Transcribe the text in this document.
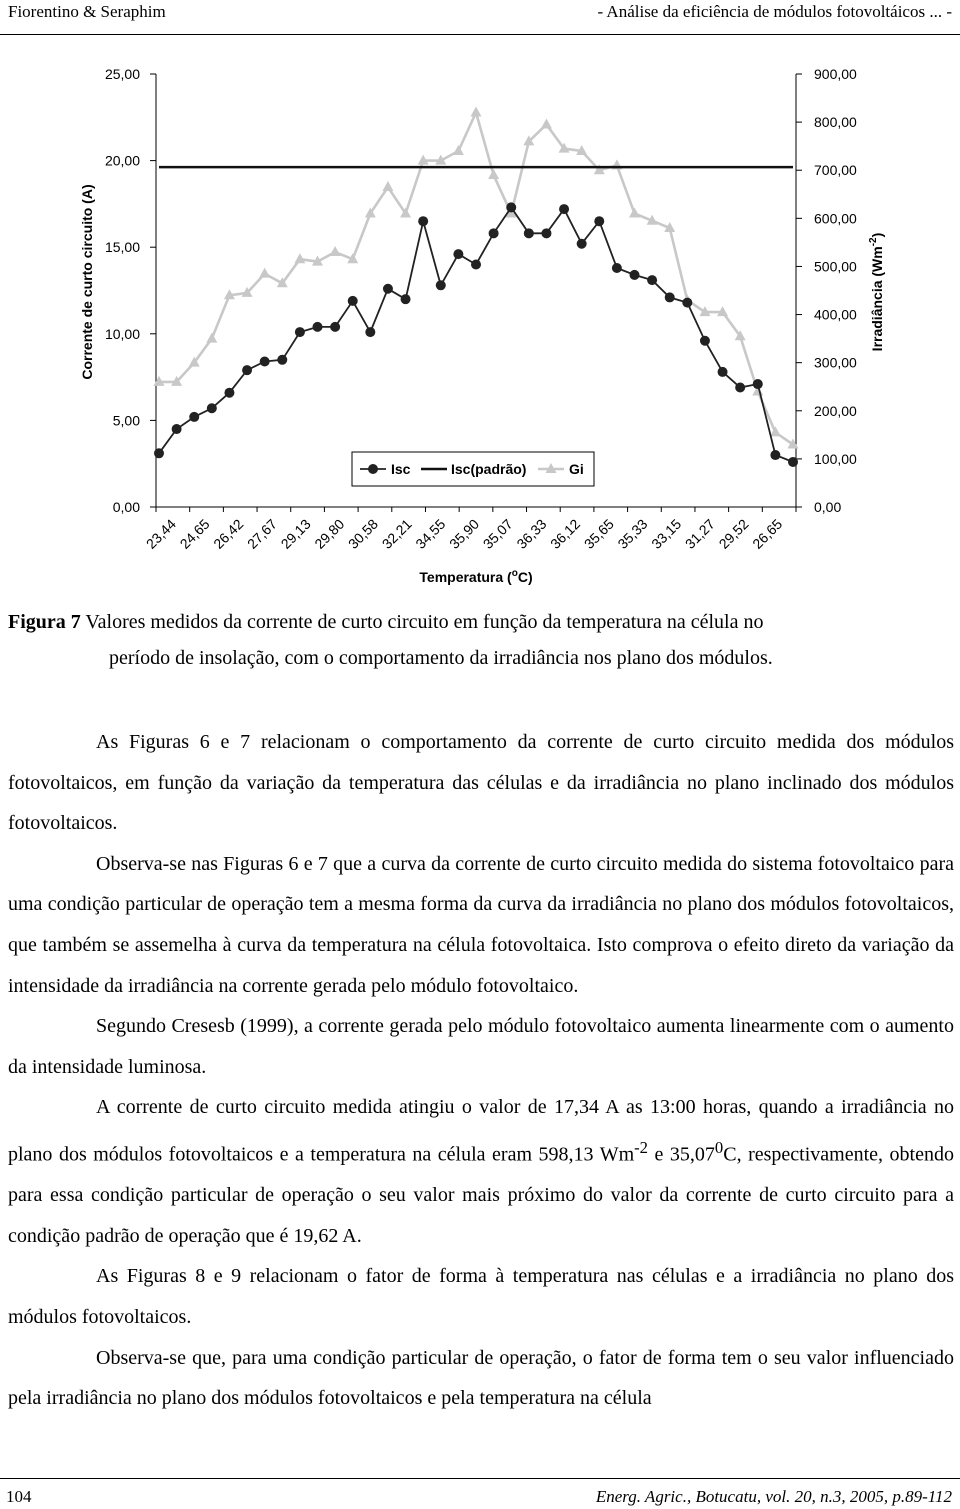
Fiorentino & Seraphim	- Análise da eficiência de módulos fotovoltáicos ... -
0,00
5,00
10,00
15,00
20,00
25,00
0,00
100,00
200,00
300,00
400,00
500,00
600,00
700,00
800,00
900,00
23,44
24,65
26,42
27,67
29,13
29,80
30,58
32,21
34,55
35,90
35,07
36,33
36,12
35,65
35,33
33,15
31,27
29,52
26,65
Temperatura ($^o$C)
Corrente de curto circuito (A)	Irradiância $(Wm^{-2})$
Isc	Isc(padrão)	Gi
Figura 7 Valores medidos da corrente de curto circuito em função da temperatura na célula no
período de insolação, com o comportamento da irradiância nos plano dos módulos.

As Figuras 6 e 7 relacionam o comportamento da corrente de curto circuito medida dos módulos fotovoltaicos, em função da variação da temperatura das células e da irradiância no plano inclinado dos módulos fotovoltaicos.

Observa-se nas Figuras 6 e 7 que a curva da corrente de curto circuito medida do sistema fotovoltaico para uma condição particular de operação tem a mesma forma da curva da irradiância no plano dos módulos fotovoltaicos, que também se assemelha à curva da temperatura na célula fotovoltaica. Isto comprova o efeito direto da variação da intensidade da irradiância na corrente gerada pelo módulo fotovoltaico.

Segundo Cresesb (1999), a corrente gerada pelo módulo fotovoltaico aumenta linearmente com o aumento da intensidade luminosa.

A corrente de curto circuito medida atingiu o valor de 17,34 A as 13:00 horas, quando a irradiância no plano dos módulos fotovoltaicos e a temperatura na célula eram 598,13 $Wm^{-2}$ e 35,07$^0$C, respectivamente, obtendo para essa condição particular de operação o seu valor mais próximo do valor da corrente de curto circuito para a condição padrão de operação que é 19,62 A.

As Figuras 8 e 9 relacionam o fator de forma à temperatura nas células e a irradiância no plano dos módulos fotovoltaicos.

Observa-se que, para uma condição particular de operação, o fator de forma tem o seu valor influenciado pela irradiância no plano dos módulos fotovoltaicos e pela temperatura na célula

104	Energ. Agric., Botucatu, vol. 20, n.3, 2005, p.89-112
